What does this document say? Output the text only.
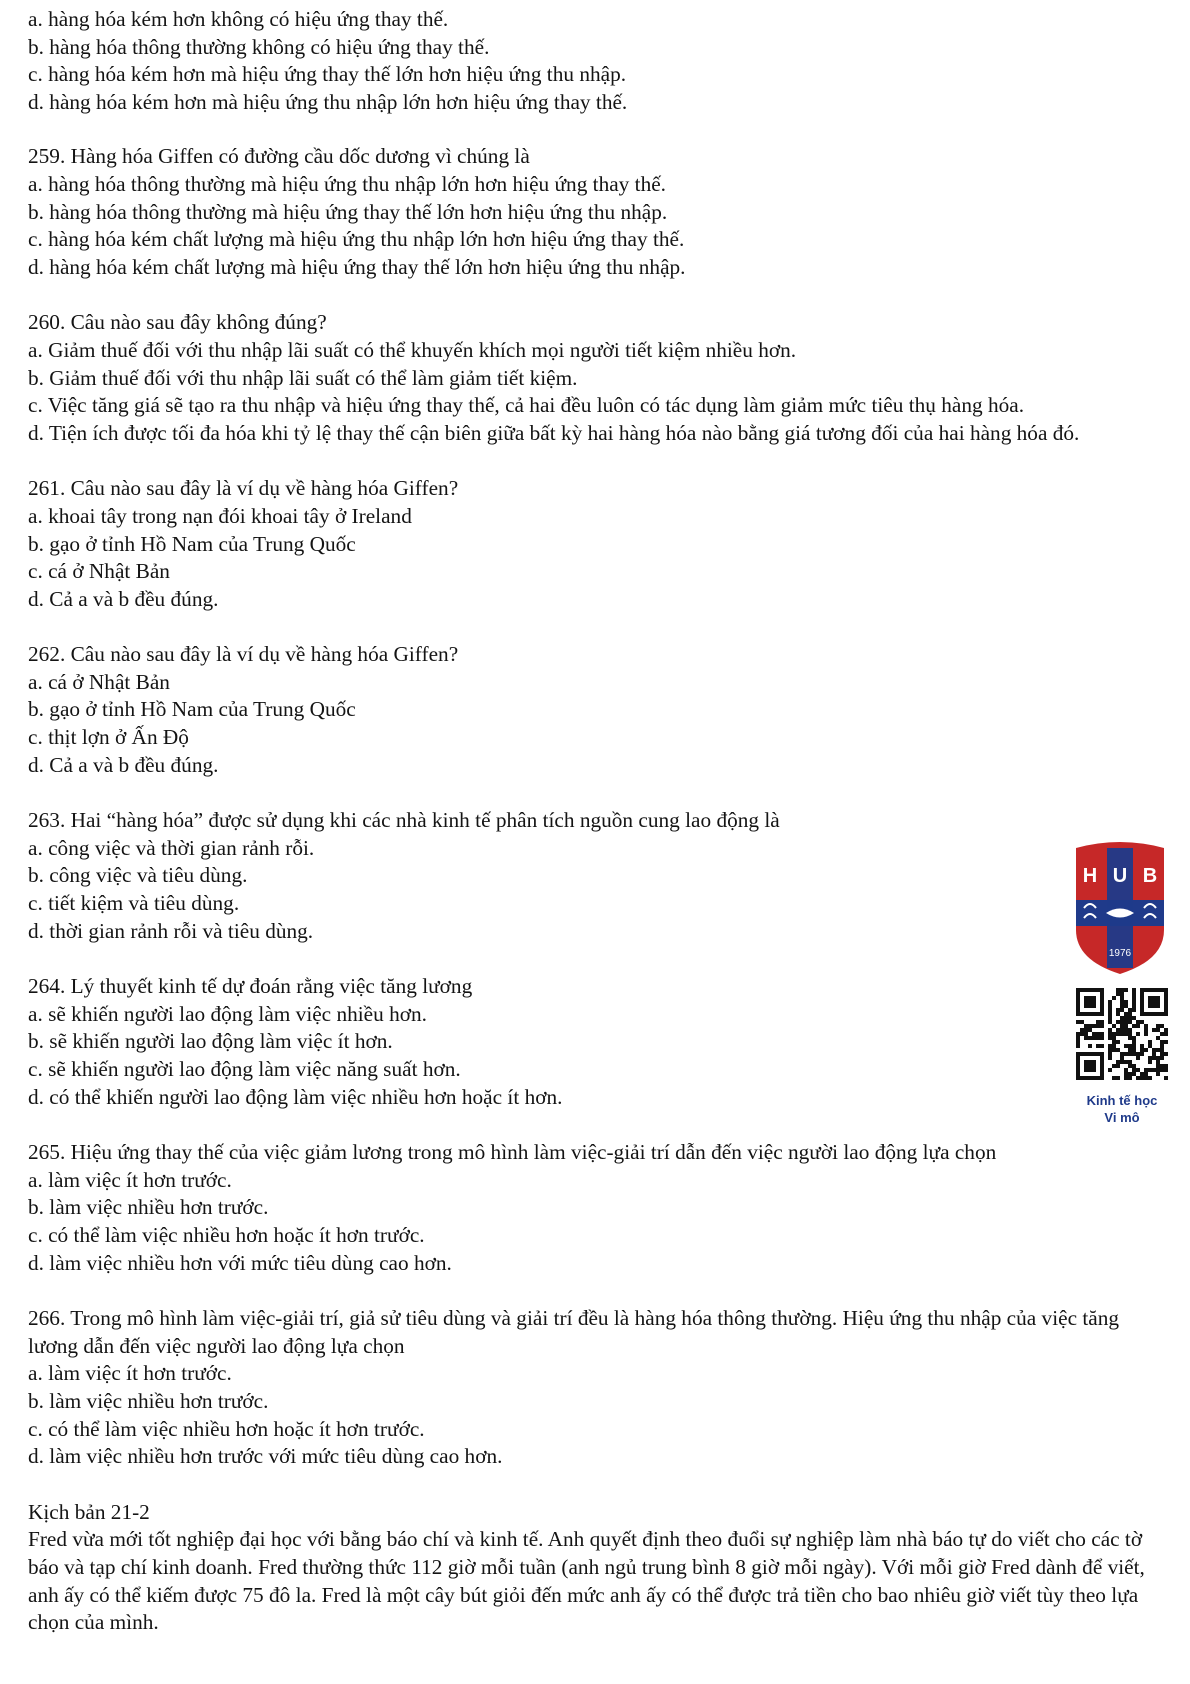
a. hàng hóa kém hơn không có hiệu ứng thay thế.
b. hàng hóa thông thường không có hiệu ứng thay thế.
c. hàng hóa kém hơn mà hiệu ứng thay thế lớn hơn hiệu ứng thu nhập.
d. hàng hóa kém hơn mà hiệu ứng thu nhập lớn hơn hiệu ứng thay thế.
259. Hàng hóa Giffen có đường cầu dốc dương vì chúng là
a. hàng hóa thông thường mà hiệu ứng thu nhập lớn hơn hiệu ứng thay thế.
b. hàng hóa thông thường mà hiệu ứng thay thế lớn hơn hiệu ứng thu nhập.
c. hàng hóa kém chất lượng mà hiệu ứng thu nhập lớn hơn hiệu ứng thay thế.
d. hàng hóa kém chất lượng mà hiệu ứng thay thế lớn hơn hiệu ứng thu nhập.
260. Câu nào sau đây không đúng?
a. Giảm thuế đối với thu nhập lãi suất có thể khuyến khích mọi người tiết kiệm nhiều hơn.
b. Giảm thuế đối với thu nhập lãi suất có thể làm giảm tiết kiệm.
c. Việc tăng giá sẽ tạo ra thu nhập và hiệu ứng thay thế, cả hai đều luôn có tác dụng làm giảm mức tiêu thụ hàng hóa.
d. Tiện ích được tối đa hóa khi tỷ lệ thay thế cận biên giữa bất kỳ hai hàng hóa nào bằng giá tương đối của hai hàng hóa đó.
261. Câu nào sau đây là ví dụ về hàng hóa Giffen?
a. khoai tây trong nạn đói khoai tây ở Ireland
b. gạo ở tỉnh Hồ Nam của Trung Quốc
c. cá ở Nhật Bản
d. Cả a và b đều đúng.
262. Câu nào sau đây là ví dụ về hàng hóa Giffen?
a. cá ở Nhật Bản
b. gạo ở tỉnh Hồ Nam của Trung Quốc
c. thịt lợn ở Ấn Độ
d. Cả a và b đều đúng.
263. Hai “hàng hóa” được sử dụng khi các nhà kinh tế phân tích nguồn cung lao động là
a. công việc và thời gian rảnh rỗi.
b. công việc và tiêu dùng.
c. tiết kiệm và tiêu dùng.
d. thời gian rảnh rỗi và tiêu dùng.
264. Lý thuyết kinh tế dự đoán rằng việc tăng lương
a. sẽ khiến người lao động làm việc nhiều hơn.
b. sẽ khiến người lao động làm việc ít hơn.
c. sẽ khiến người lao động làm việc năng suất hơn.
d. có thể khiến người lao động làm việc nhiều hơn hoặc ít hơn.
265. Hiệu ứng thay thế của việc giảm lương trong mô hình làm việc-giải trí dẫn đến việc người lao động lựa chọn
a. làm việc ít hơn trước.
b. làm việc nhiều hơn trước.
c. có thể làm việc nhiều hơn hoặc ít hơn trước.
d. làm việc nhiều hơn với mức tiêu dùng cao hơn.
266. Trong mô hình làm việc-giải trí, giả sử tiêu dùng và giải trí đều là hàng hóa thông thường. Hiệu ứng thu nhập của việc tăng lương dẫn đến việc người lao động lựa chọn
a. làm việc ít hơn trước.
b. làm việc nhiều hơn trước.
c. có thể làm việc nhiều hơn hoặc ít hơn trước.
d. làm việc nhiều hơn trước với mức tiêu dùng cao hơn.
Kịch bản 21-2
Fred vừa mới tốt nghiệp đại học với bằng báo chí và kinh tế. Anh quyết định theo đuổi sự nghiệp làm nhà báo tự do viết cho các tờ báo và tạp chí kinh doanh. Fred thường thức 112 giờ mỗi tuần (anh ngủ trung bình 8 giờ mỗi ngày). Với mỗi giờ Fred dành để viết, anh ấy có thể kiếm được 75 đô la. Fred là một cây bút giỏi đến mức anh ấy có thể được trả tiền cho bao nhiêu giờ viết tùy theo lựa chọn của mình.
H U B
1976
Kinh tế học
Vi mô
